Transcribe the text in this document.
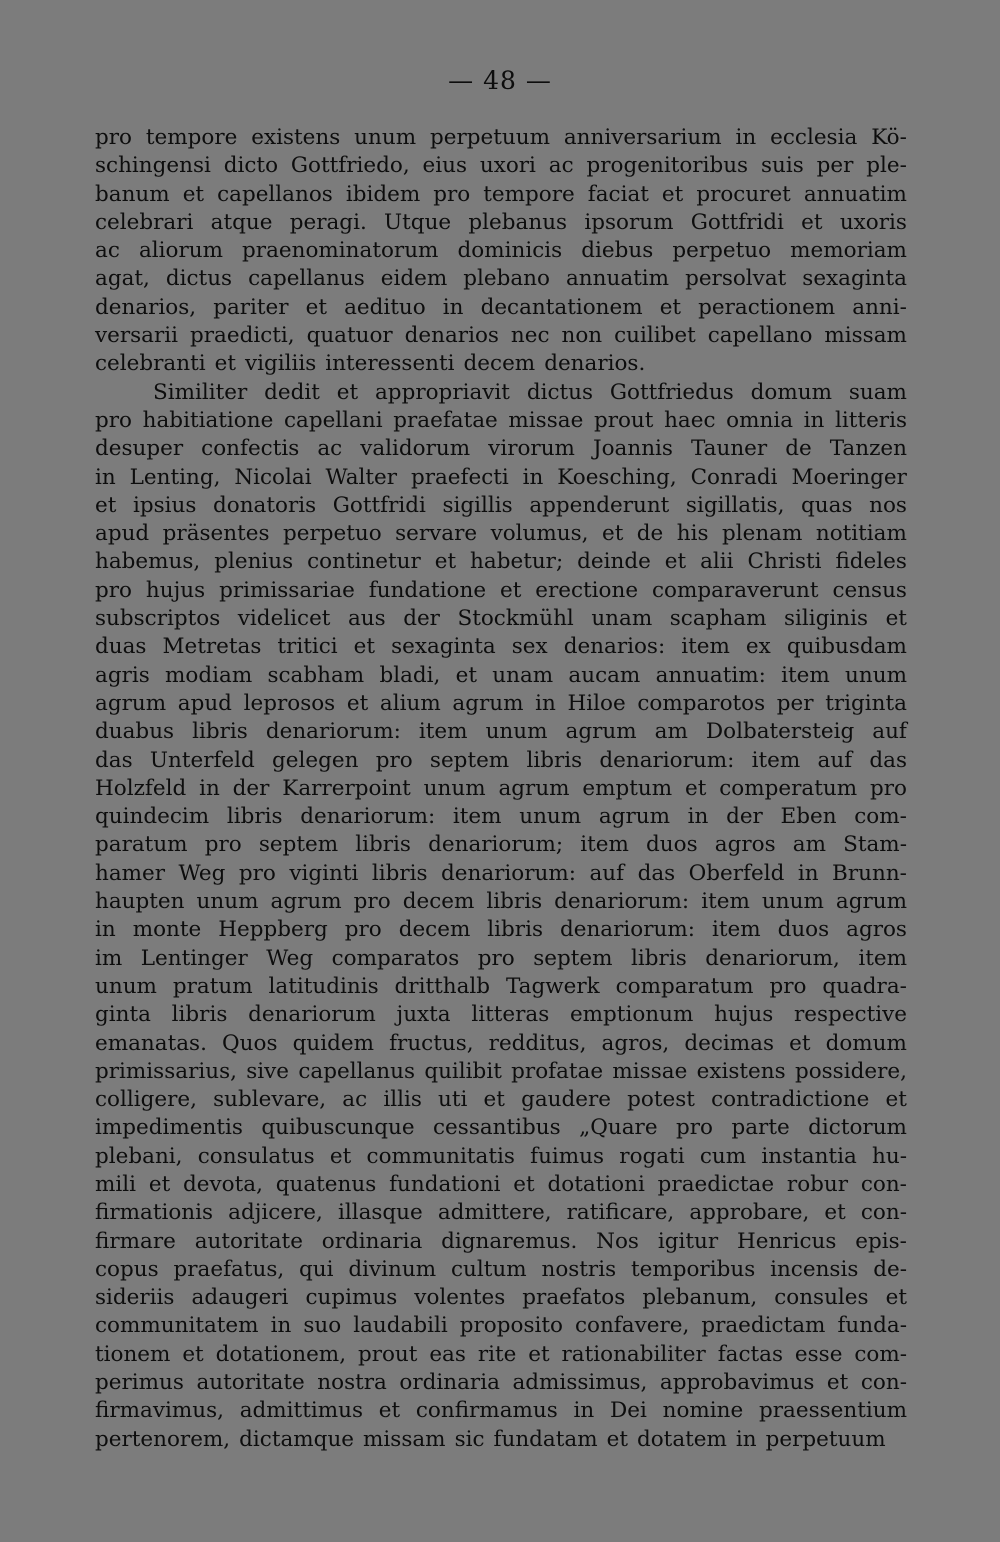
— 48 —
pro tempore existens unum perpetuum anniversarium in ecclesia Kö-
schingensi dicto Gottfriedo, eius uxori ac progenitoribus suis per ple-
banum et capellanos ibidem pro tempore faciat et procuret annuatim
celebrari atque peragi. Utque plebanus ipsorum Gottfridi et uxoris
ac aliorum praenominatorum dominicis diebus perpetuo memoriam
agat, dictus capellanus eidem plebano annuatim persolvat sexaginta
denarios, pariter et aedituo in decantationem et peractionem anni-
versarii praedicti, quatuor denarios nec non cuilibet capellano missam
celebranti et vigiliis interessenti decem denarios.
Similiter dedit et appropriavit dictus Gottfriedus domum suam
pro habitiatione capellani praefatae missae prout haec omnia in litteris
desuper confectis ac validorum virorum Joannis Tauner de Tanzen
in Lenting, Nicolai Walter praefecti in Koesching, Conradi Moeringer
et ipsius donatoris Gottfridi sigillis appenderunt sigillatis, quas nos
apud präsentes perpetuo servare volumus, et de his plenam notitiam
habemus, plenius continetur et habetur; deinde et alii Christi fideles
pro hujus primissariae fundatione et erectione comparaverunt census
subscriptos videlicet aus der Stockmühl unam scapham siliginis et
duas Metretas tritici et sexaginta sex denarios: item ex quibusdam
agris modiam scabham bladi, et unam aucam annuatim: item unum
agrum apud leprosos et alium agrum in Hiloe comparotos per triginta
duabus libris denariorum: item unum agrum am Dolbatersteig auf
das Unterfeld gelegen pro septem libris denariorum: item auf das
Holzfeld in der Karrerpoint unum agrum emptum et comperatum pro
quindecim libris denariorum: item unum agrum in der Eben com-
paratum pro septem libris denariorum; item duos agros am Stam-
hamer Weg pro viginti libris denariorum: auf das Oberfeld in Brunn-
haupten unum agrum pro decem libris denariorum: item unum agrum
in monte Heppberg pro decem libris denariorum: item duos agros
im Lentinger Weg comparatos pro septem libris denariorum, item
unum pratum latitudinis dritthalb Tagwerk comparatum pro quadra-
ginta libris denariorum juxta litteras emptionum hujus respective
emanatas. Quos quidem fructus, redditus, agros, decimas et domum
primissarius, sive capellanus quilibit profatae missae existens possidere,
colligere, sublevare, ac illis uti et gaudere potest contradictione et
impedimentis quibuscunque cessantibus „Quare pro parte dictorum
plebani, consulatus et communitatis fuimus rogati cum instantia hu-
mili et devota, quatenus fundationi et dotationi praedictae robur con-
firmationis adjicere, illasque admittere, ratificare, approbare, et con-
firmare autoritate ordinaria dignaremus. Nos igitur Henricus epis-
copus praefatus, qui divinum cultum nostris temporibus incensis de-
sideriis adaugeri cupimus volentes praefatos plebanum, consules et
communitatem in suo laudabili proposito confavere, praedictam funda-
tionem et dotationem, prout eas rite et rationabiliter factas esse com-
perimus autoritate nostra ordinaria admissimus, approbavimus et con-
firmavimus, admittimus et confirmamus in Dei nomine praessentium
pertenorem, dictamque missam sic fundatam et dotatem in perpetuum
